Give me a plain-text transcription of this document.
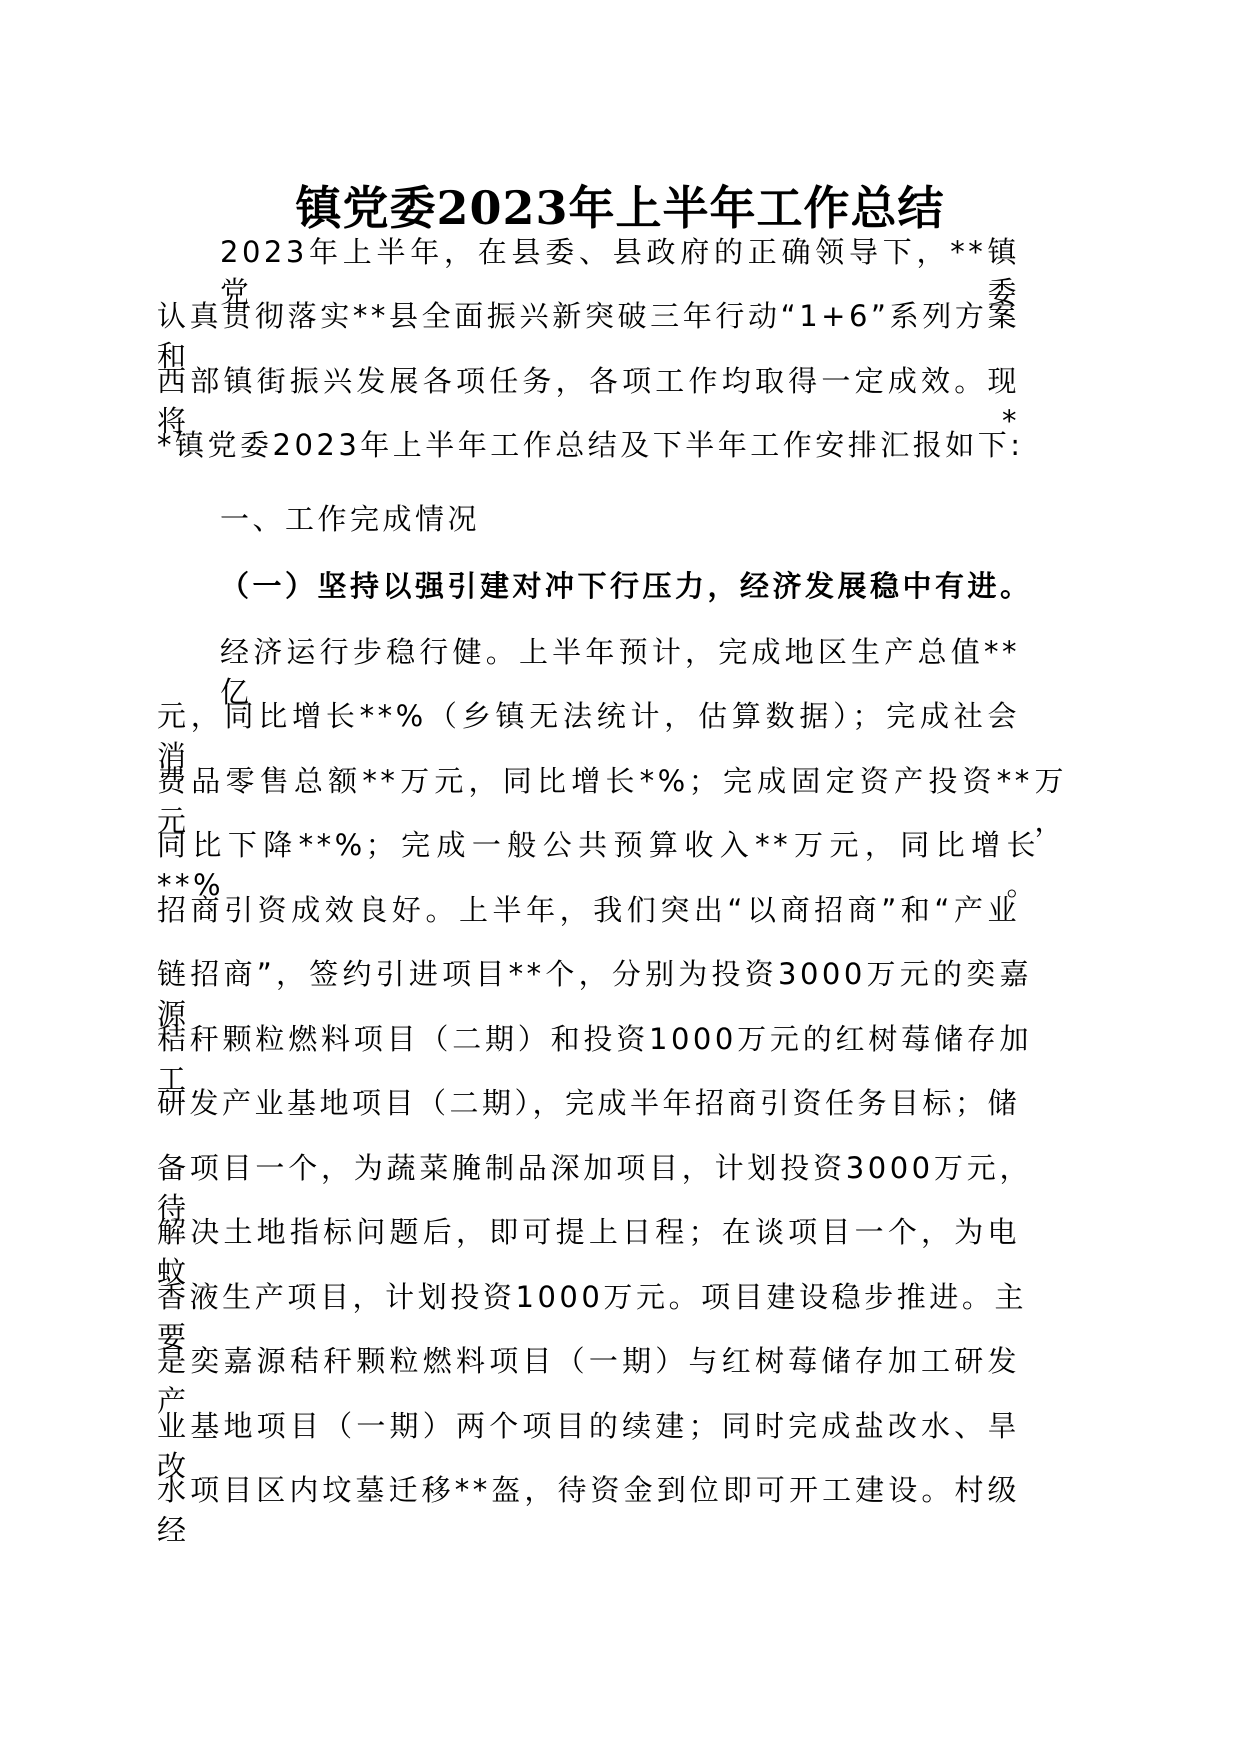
镇党委2023年上半年工作总结
2023年上半年，在县委、县政府的正确领导下，**镇党委
认真贯彻落实**县全面振兴新突破三年行动“1+6”系列方案和
西部镇街振兴发展各项任务，各项工作均取得一定成效。现将*
*镇党委2023年上半年工作总结及下半年工作安排汇报如下:
一、工作完成情况
（一）坚持以强引建对冲下行压力，经济发展稳中有进。
经济运行步稳行健。上半年预计，完成地区生产总值**亿
元，同比增长**%（乡镇无法统计，估算数据）；完成社会消
费品零售总额**万元，同比增长*%；完成固定资产投资**万元，
同比下降**%；完成一般公共预算收入**万元，同比增长**%。
招商引资成效良好。上半年，我们突出“以商招商”和“产业
链招商”，签约引进项目**个，分别为投资3000万元的奕嘉源
秸秆颗粒燃料项目（二期）和投资1000万元的红树莓储存加工
研发产业基地项目（二期），完成半年招商引资任务目标；储
备项目一个，为蔬菜腌制品深加项目，计划投资3000万元，待
解决土地指标问题后，即可提上日程；在谈项目一个，为电蚊
香液生产项目，计划投资1000万元。项目建设稳步推进。主要
是奕嘉源秸秆颗粒燃料项目（一期）与红树莓储存加工研发产
业基地项目（一期）两个项目的续建；同时完成盐改水、旱改
水项目区内坟墓迁移**盔，待资金到位即可开工建设。村级经
